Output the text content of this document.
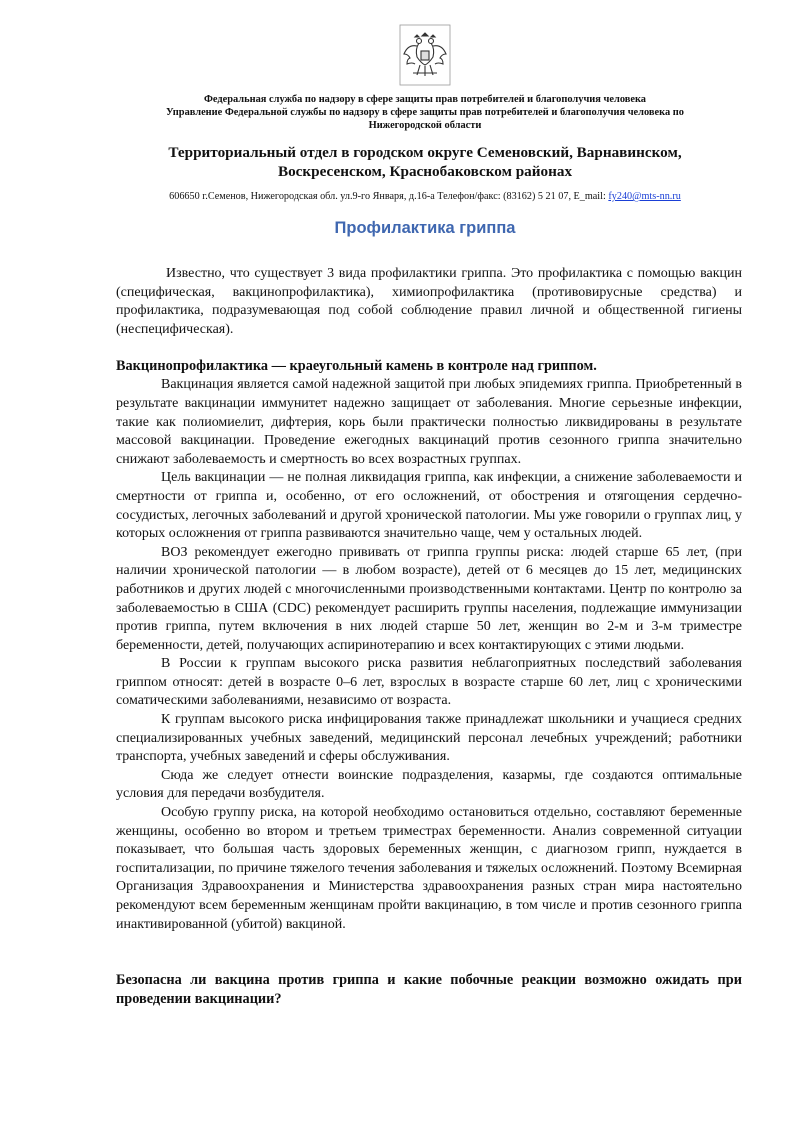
Федеральная служба по надзору в сфере защиты прав потребителей и благополучия человека
Управление Федеральной службы по надзору в сфере защиты прав потребителей и благополучия человека по
Нижегородской области
Территориальный отдел в городском округе Семеновский, Варнавинском,
Воскресенском, Краснобаковском районах
606650 г.Семенов, Нижегородская обл. ул.9-го Января, д.16-а Телефон/факс: (83162) 5 21 07, E_mail: fy240@mts-nn.ru
Профилактика гриппа

Известно, что существует 3 вида профилактики гриппа. Это профилактика с помощью вакцин (специфическая, вакцинопрофилактика), химиопрофилактика (противовирусные средства) и профилактика, подразумевающая под собой соблюдение правил личной и общественной гигиены (неспецифическая).

Вакцинопрофилактика — краеугольный камень в контроле над гриппом.

Вакцинация является самой надежной защитой при любых эпидемиях гриппа. Приобретенный в результате вакцинации иммунитет надежно защищает от заболевания. Многие серьезные инфекции, такие как полиомиелит, дифтерия, корь были практически полностью ликвидированы в результате массовой вакцинации. Проведение ежегодных вакцинаций против сезонного гриппа значительно снижают заболеваемость и смертность во всех возрастных группах.

Цель вакцинации — не полная ликвидация гриппа, как инфекции, а снижение заболеваемости и смертности от гриппа и, особенно, от его осложнений, от обострения и отягощения сердечно-сосудистых, легочных заболеваний и другой хронической патологии. Мы уже говорили о группах лиц, у которых осложнения от гриппа развиваются значительно чаще, чем у остальных людей.

ВОЗ рекомендует ежегодно прививать от гриппа группы риска: людей старше 65 лет, (при наличии хронической патологии — в любом возрасте), детей от 6 месяцев до 15 лет, медицинских работников и других людей с многочисленными производственными контактами. Центр по контролю за заболеваемостью в США (CDC) рекомендует расширить группы населения, подлежащие иммунизации против гриппа, путем включения в них людей старше 50 лет, женщин во 2-м и 3-м триместре беременности, детей, получающих аспиринотерапию и всех контактирующих с этими людьми.

В России к группам высокого риска развития неблагоприятных последствий заболевания гриппом относят: детей в возрасте 0–6 лет, взрослых в возрасте старше 60 лет, лиц с хроническими соматическими заболеваниями, независимо от возраста.

К группам высокого риска инфицирования также принадлежат школьники и учащиеся средних специализированных учебных заведений, медицинский персонал лечебных учреждений; работники транспорта, учебных заведений и сферы обслуживания.

Сюда же следует отнести воинские подразделения, казармы, где создаются оптимальные условия для передачи возбудителя.

Особую группу риска, на которой необходимо остановиться отдельно, составляют беременные женщины, особенно во втором и третьем триместрах беременности. Анализ современной ситуации показывает, что большая часть здоровых беременных женщин, с диагнозом грипп, нуждается в госпитализации, по причине тяжелого течения заболевания и тяжелых осложнений. Поэтому Всемирная Организация Здравоохранения и Министерства здравоохранения разных стран мира настоятельно рекомендуют всем беременным женщинам пройти вакцинацию, в том числе и против сезонного гриппа инактивированной (убитой) вакциной.

Безопасна ли вакцина против гриппа и какие побочные реакции возможно ожидать при проведении вакцинации?
